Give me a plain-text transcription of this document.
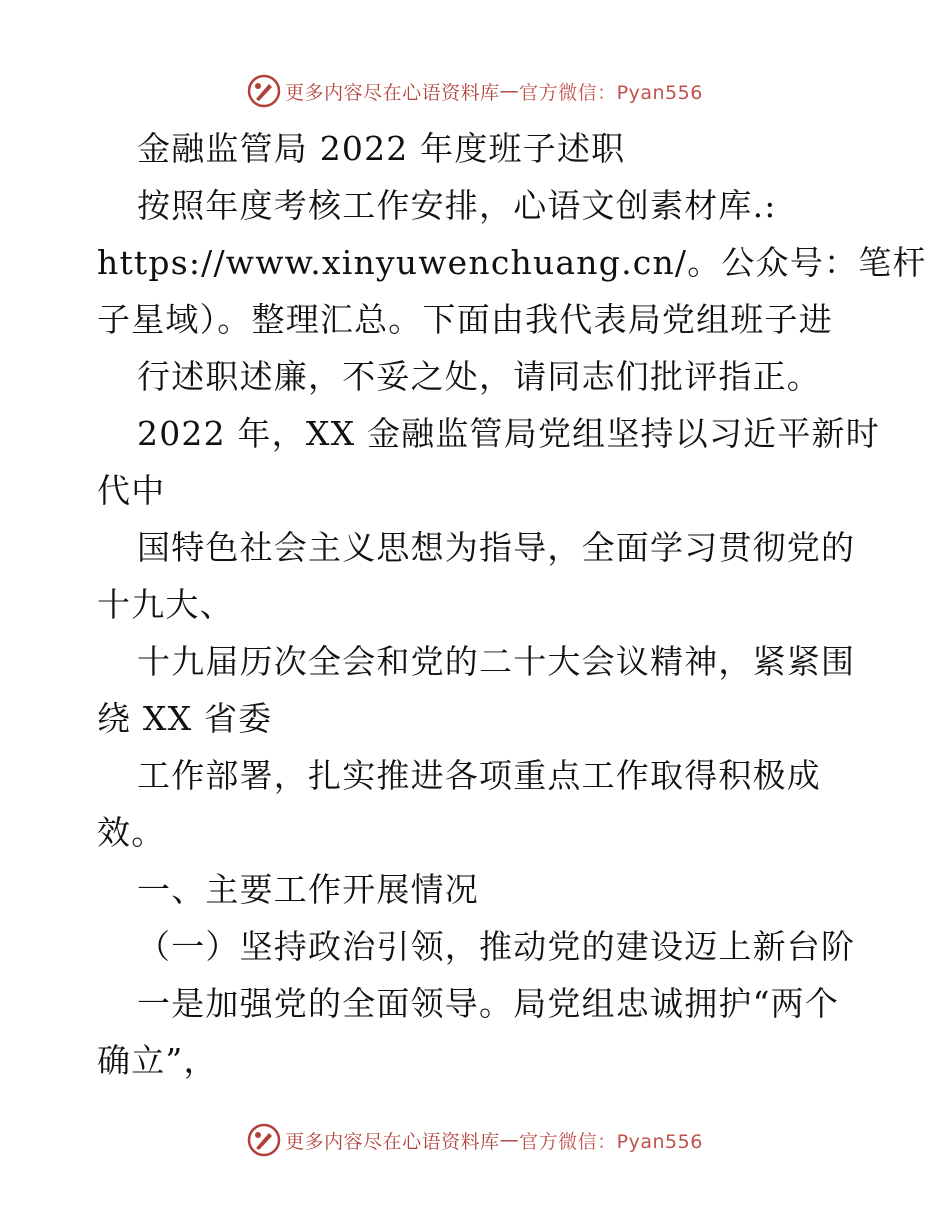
更多内容尽在心语资料库 — 官方微信：Pyan556

金融监管局 2022 年度班子述职

按照年度考核工作安排，心语文创素材库.:

https://www.xinyuwenchuang.cn/。公众号：笔杆

子星域）。整理汇总。下面由我代表局党组班子进

行述职述廉，不妥之处，请同志们批评指正。

2022 年，XX 金融监管局党组坚持以习近平新时

代中

国特色社会主义思想为指导，全面学习贯彻党的

十九大、

十九届历次全会和党的二十大会议精神，紧紧围

绕 XX 省委

工作部署，扎实推进各项重点工作取得积极成

效。

一、主要工作开展情况

（一）坚持政治引领，推动党的建设迈上新台阶

一是加强党的全面领导。局党组忠诚拥护“两个

确立”，

更多内容尽在心语资料库 — 官方微信：Pyan556
